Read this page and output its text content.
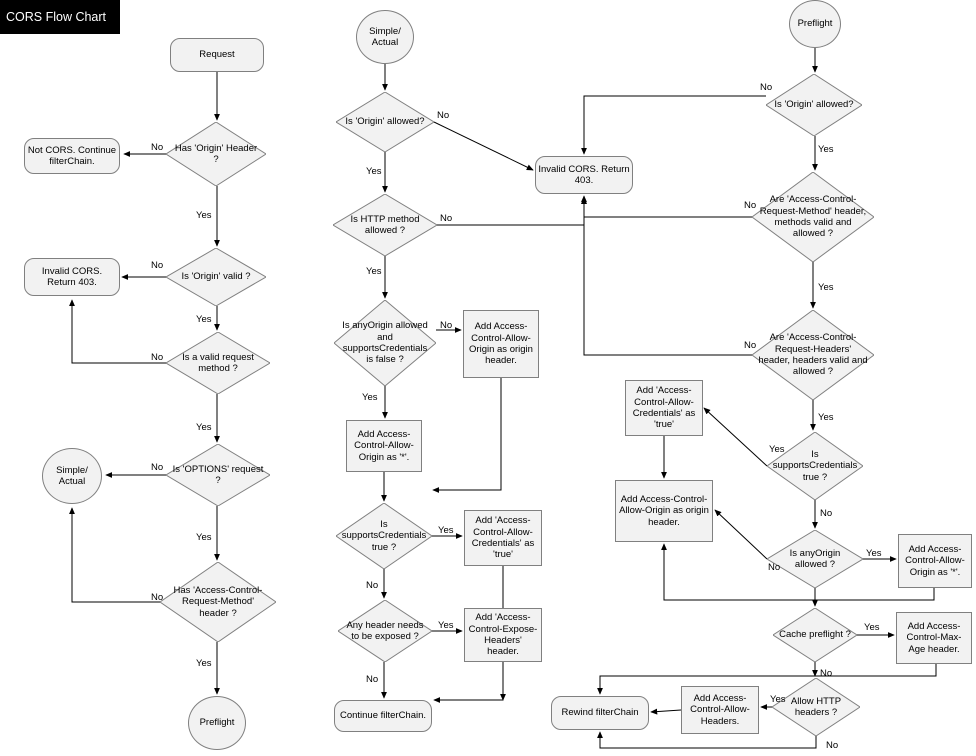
CORS Flow Chart
Request
Has 'Origin' Header ?
Not CORS. Continue filterChain.
Is 'Origin' valid ?
Invalid CORS. Return 403.
Is a valid request method ?
Is 'OPTIONS' request ?
Simple/ Actual
Has 'Access-Control-Request-Method' header ?
Preflight
Simple/ Actual
Is 'Origin' allowed?
Invalid CORS. Return 403.
Is HTTP method allowed ?
Is anyOrigin allowed and supportsCredentials is false ?
Add Access-Control-Allow-Origin as origin header.
Add Access-Control-Allow-Origin as '*'.
Is supportsCredentials true ?
Add 'Access-Control-Allow-Credentials' as 'true'
Any header needs to be exposed ?
Add 'Access-Control-Expose-Headers' header.
Continue filterChain.
Preflight
Is 'Origin' allowed?
Are 'Access-Control-Request-Method' header, methods valid and allowed ?
Are 'Access-Control-Request-Headers' header, headers valid and allowed ?
Add 'Access-Control-Allow-Credentials' as 'true'
Is supportsCredentials true ?
Add Access-Control-Allow-Origin as origin header.
Is anyOrigin allowed ?
Add Access-Control-Allow-Origin as '*'.
Cache preflight ?
Add Access-Control-Max-Age header.
Allow HTTP headers ?
Add Access-Control-Allow-Headers.
Rewind filterChain
No
Yes
No
Yes
No
Yes
No
Yes
No
Yes
No
Yes
No
Yes
No
Yes
Yes
No
Yes
No
No
Yes
No
Yes
No
Yes
Yes
No
No
Yes
Yes
No
Yes
No
